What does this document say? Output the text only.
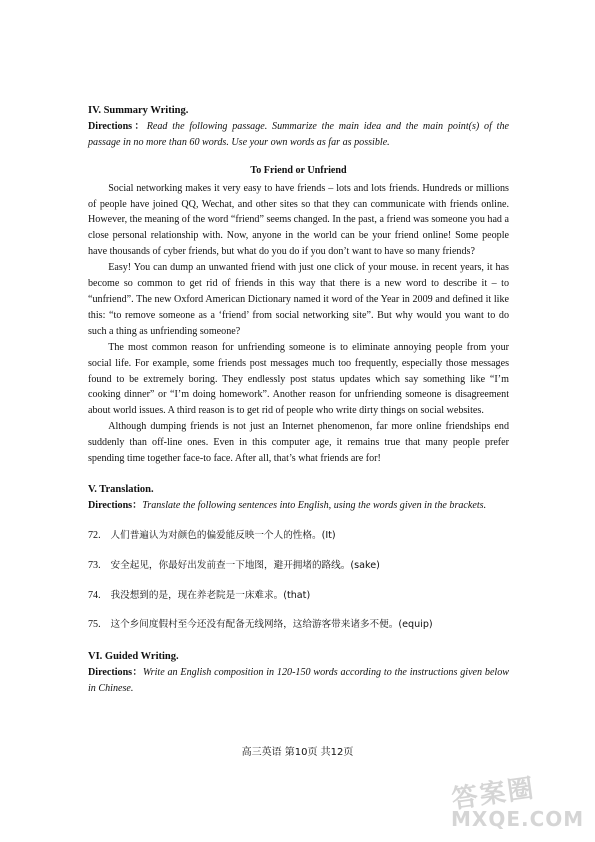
IV. Summary Writing.

Directions：Read the following passage. Summarize the main idea and the main point(s) of the passage in no more than 60 words. Use your own words as far as possible.

To Friend or Unfriend

Social networking makes it very easy to have friends – lots and lots friends. Hundreds or millions of people have joined QQ, Wechat, and other sites so that they can communicate with friends online. However, the meaning of the word “friend” seems changed. In the past, a friend was someone you had a close personal relationship with. Now, anyone in the world can be your friend online! Some people have thousands of cyber friends, but what do you do if you don’t want to have so many friends?

Easy! You can dump an unwanted friend with just one click of your mouse. in recent years, it has become so common to get rid of friends in this way that there is a new word to describe it – to “unfriend”. The new Oxford American Dictionary named it word of the Year in 2009 and defined it like this: “to remove someone as a ‘friend’ from social networking site”. But why would you want to do such a thing as unfriending someone?

The most common reason for unfriending someone is to eliminate annoying people from your social life. For example, some friends post messages much too frequently, especially those messages found to be extremely boring. They endlessly post status updates which say something like “I’m cooking dinner” or “I’m doing homework”. Another reason for unfriending someone is disagreement about world issues. A third reason is to get rid of people who write dirty things on social websites.

Although dumping friends is not just an Internet phenomenon, far more online friendships end suddenly than off-line ones. Even in this computer age, it remains true that many people prefer spending time together face-to face. After all, that’s what friends are for!

V. Translation.

Directions：Translate the following sentences into English, using the words given in the brackets.

72. 人们普遍认为对颜色的偏爱能反映一个人的性格。(It)

73. 安全起见，你最好出发前查一下地图，避开拥堵的路线。(sake)

74. 我没想到的是，现在养老院是一床难求。(that)

75. 这个乡间度假村至今还没有配备无线网络，这给游客带来诸多不便。(equip)

VI. Guided Writing.

Directions：Write an English composition in 120-150 words according to the instructions given below in Chinese.

高三英语 第10页 共12页
答案圈
MXQE.COM
